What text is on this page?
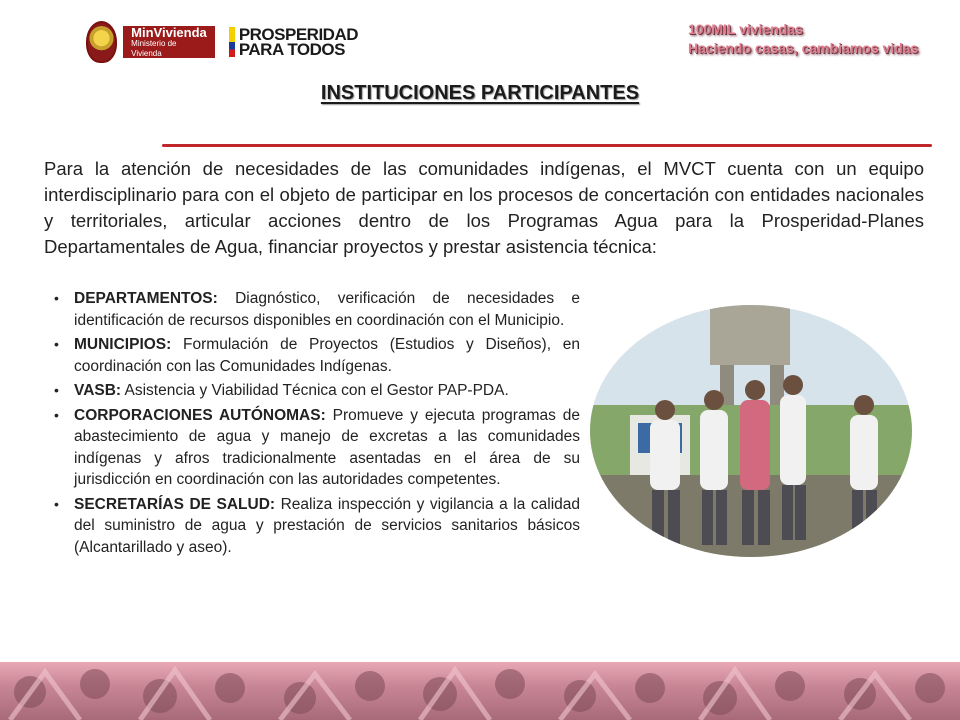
MinVivienda
Ministerio de Vivienda
PROSPERIDAD
PARA TODOS
100MIL viviendas
Haciendo casas, cambiamos vidas
INSTITUCIONES PARTICIPANTES
Para la atención de necesidades de las comunidades indígenas, el MVCT cuenta con un equipo interdisciplinario para con el objeto de participar en los procesos de concertación con entidades nacionales y territoriales, articular acciones dentro de los Programas Agua para la Prosperidad-Planes Departamentales de Agua, financiar proyectos y prestar asistencia técnica:
• DEPARTAMENTOS: Diagnóstico, verificación de necesidades e identificación de recursos disponibles en coordinación con el Municipio.
• MUNICIPIOS: Formulación de Proyectos (Estudios y Diseños), en coordinación con las Comunidades Indígenas.
• VASB: Asistencia y Viabilidad Técnica con el Gestor PAP-PDA.
• CORPORACIONES AUTÓNOMAS: Promueve y ejecuta programas de abastecimiento de agua y manejo de excretas a las comunidades indígenas y afros tradicionalmente asentadas en el área de su jurisdicción en coordinación con las autoridades competentes.
• SECRETARÍAS DE SALUD: Realiza inspección y vigilancia a la calidad del suministro de agua y prestación de servicios sanitarios básicos (Alcantarillado y aseo).
